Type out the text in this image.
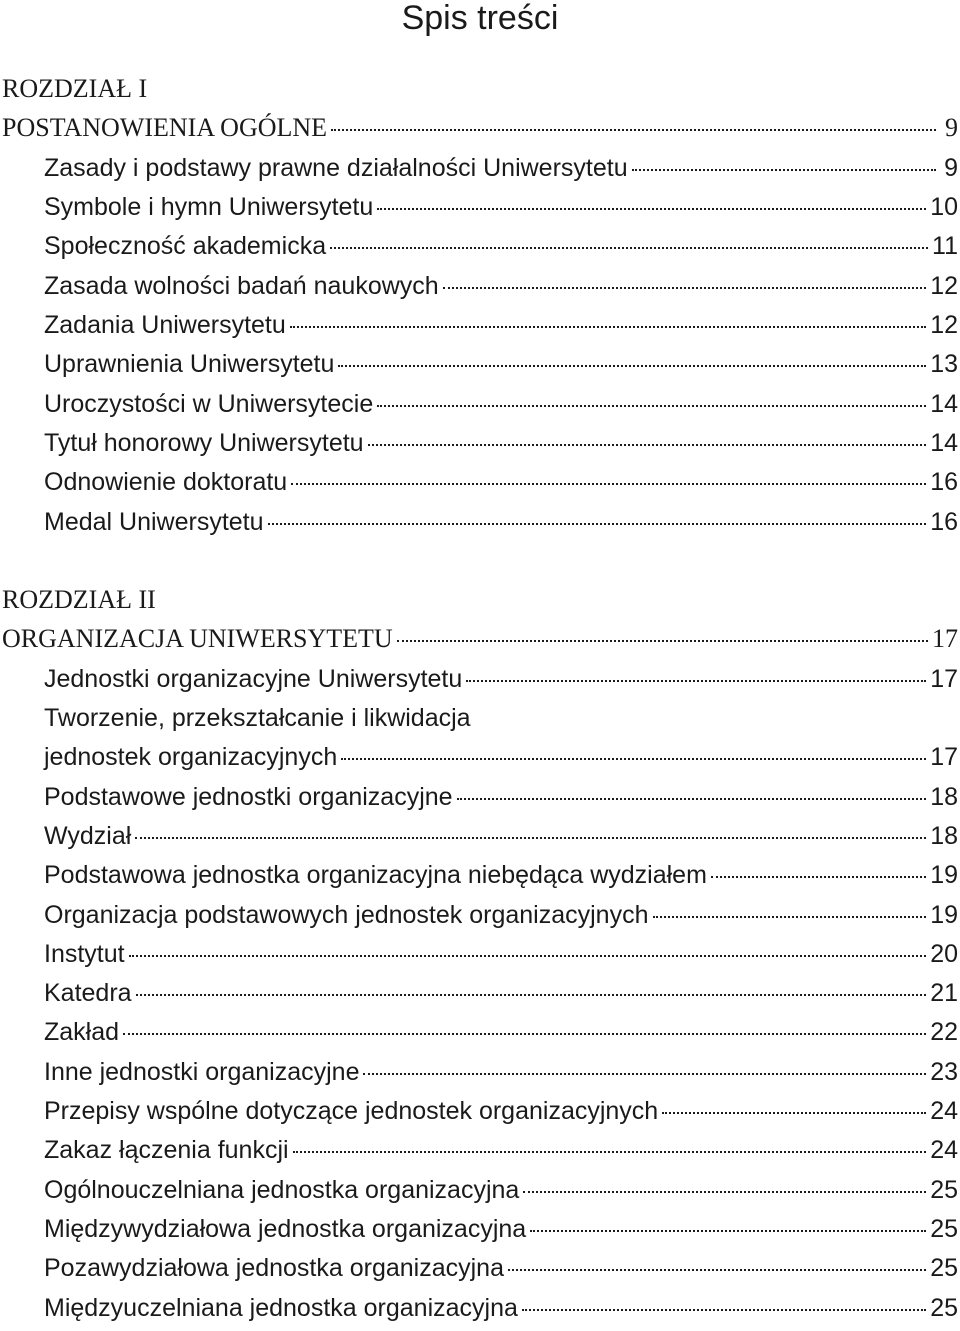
Spis treści
ROZDZIAŁ I
POSTANOWIENIA OGÓLNE	9
Zasady i podstawy prawne działalności Uniwersytetu	9
Symbole i hymn Uniwersytetu	10
Społeczność akademicka	11
Zasada wolności badań naukowych	12
Zadania Uniwersytetu	12
Uprawnienia Uniwersytetu	13
Uroczystości w Uniwersytecie	14
Tytuł honorowy Uniwersytetu	14
Odnowienie doktoratu	16
Medal Uniwersytetu	16
ROZDZIAŁ II
ORGANIZACJA UNIWERSYTETU	17
Jednostki organizacyjne Uniwersytetu	17
Tworzenie, przekształcanie i likwidacja
jednostek organizacyjnych	17
Podstawowe jednostki organizacyjne	18
Wydział	18
Podstawowa jednostka organizacyjna niebędąca wydziałem	19
Organizacja podstawowych jednostek organizacyjnych	19
Instytut	20
Katedra	21
Zakład	22
Inne jednostki organizacyjne	23
Przepisy wspólne dotyczące jednostek organizacyjnych	24
Zakaz łączenia funkcji	24
Ogólnouczelniana jednostka organizacyjna	25
Międzywydziałowa jednostka organizacyjna	25
Pozawydziałowa jednostka organizacyjna	25
Międzyuczelniana jednostka organizacyjna	25
